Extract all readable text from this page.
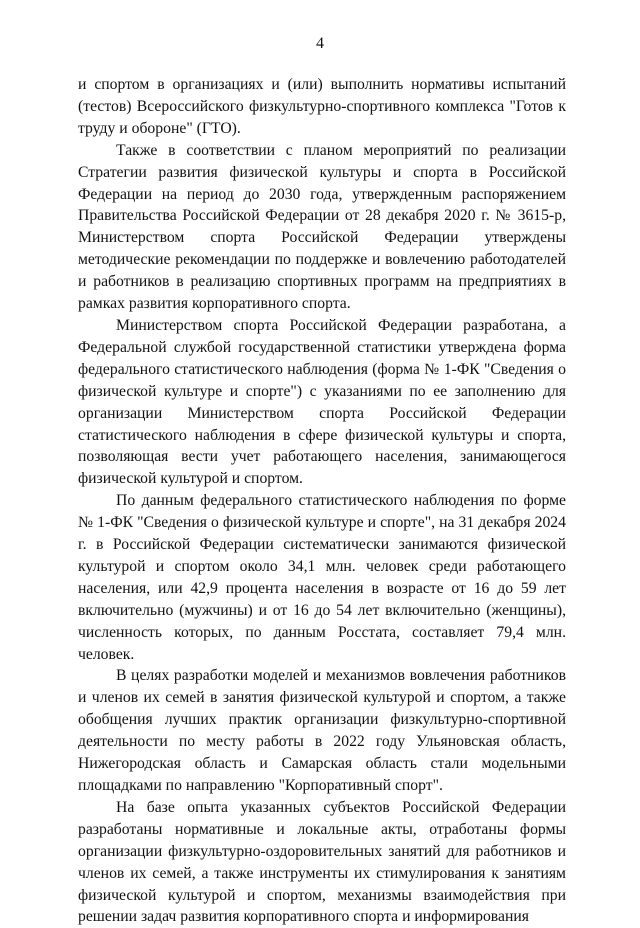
4

и спортом в организациях и (или) выполнить нормативы испытаний (тестов) Всероссийского физкультурно-спортивного комплекса "Готов к труду и обороне" (ГТО).

Также в соответствии с планом мероприятий по реализации Стратегии развития физической культуры и спорта в Российской Федерации на период до 2030 года, утвержденным распоряжением Правительства Российской Федерации от 28 декабря 2020 г. № 3615-р, Министерством спорта Российской Федерации утверждены методические рекомендации по поддержке и вовлечению работодателей и работников в реализацию спортивных программ на предприятиях в рамках развития корпоративного спорта.

Министерством спорта Российской Федерации разработана, а Федеральной службой государственной статистики утверждена форма федерального статистического наблюдения (форма № 1-ФК "Сведения о физической культуре и спорте") с указаниями по ее заполнению для организации Министерством спорта Российской Федерации статистического наблюдения в сфере физической культуры и спорта, позволяющая вести учет работающего населения, занимающегося физической культурой и спортом.

По данным федерального статистического наблюдения по форме № 1-ФК "Сведения о физической культуре и спорте", на 31 декабря 2024 г. в Российской Федерации систематически занимаются физической культурой и спортом около 34,1 млн. человек среди работающего населения, или 42,9 процента населения в возрасте от 16 до 59 лет включительно (мужчины) и от 16 до 54 лет включительно (женщины), численность которых, по данным Росстата, составляет 79,4 млн. человек.

В целях разработки моделей и механизмов вовлечения работников и членов их семей в занятия физической культурой и спортом, а также обобщения лучших практик организации физкультурно-спортивной деятельности по месту работы в 2022 году Ульяновская область, Нижегородская область и Самарская область стали модельными площадками по направлению "Корпоративный спорт".

На базе опыта указанных субъектов Российской Федерации разработаны нормативные и локальные акты, отработаны формы организации физкультурно-оздоровительных занятий для работников и членов их семей, а также инструменты их стимулирования к занятиям физической культурой и спортом, механизмы взаимодействия при решении задач развития корпоративного спорта и информирования
